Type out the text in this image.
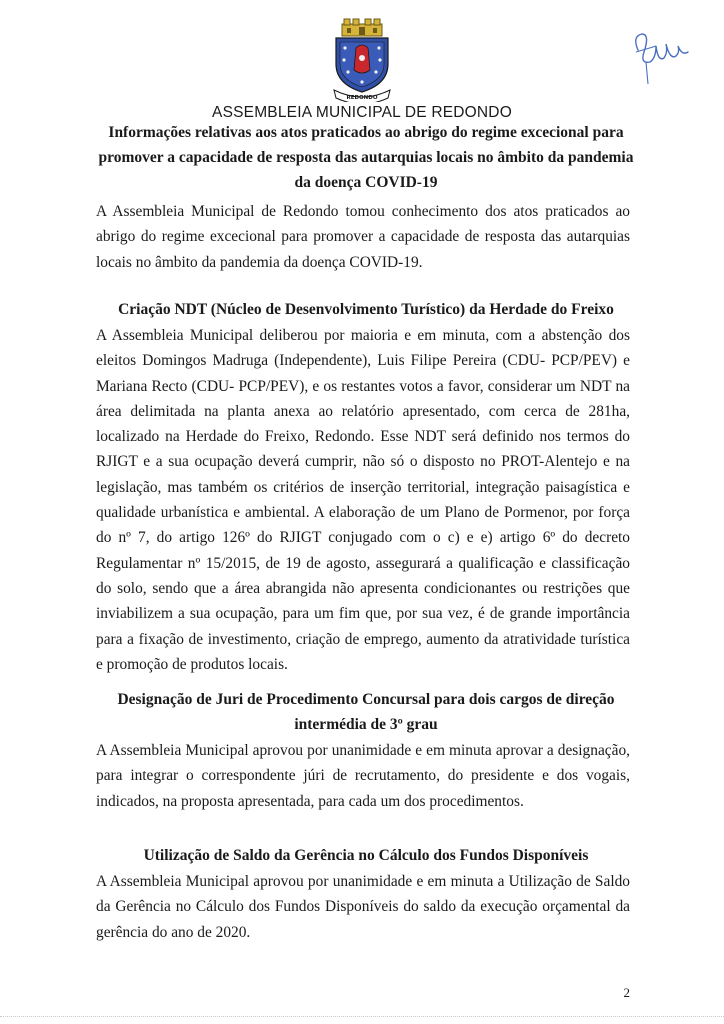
REDONDO
ASSEMBLEIA MUNICIPAL DE REDONDO
Informações relativas aos atos praticados ao abrigo do regime excecional para promover a capacidade de resposta das autarquias locais no âmbito da pandemia da doença COVID-19
A Assembleia Municipal de Redondo tomou conhecimento dos atos praticados ao abrigo do regime excecional para promover a capacidade de resposta das autarquias locais no âmbito da pandemia da doença COVID-19.
Criação NDT (Núcleo de Desenvolvimento Turístico) da Herdade do Freixo
A Assembleia Municipal deliberou por maioria e em minuta, com a abstenção dos eleitos Domingos Madruga (Independente), Luis Filipe Pereira (CDU- PCP/PEV) e Mariana Recto (CDU- PCP/PEV), e os restantes votos a favor, considerar um NDT na área delimitada na planta anexa ao relatório apresentado, com cerca de 281ha, localizado na Herdade do Freixo, Redondo. Esse NDT será definido nos termos do RJIGT e a sua ocupação deverá cumprir, não só o disposto no PROT-Alentejo e na legislação, mas também os critérios de inserção territorial, integração paisagística e qualidade urbanística e ambiental. A elaboração de um Plano de Pormenor, por força do nº 7, do artigo 126º do RJIGT conjugado com o c) e e) artigo 6º do decreto Regulamentar nº 15/2015, de 19 de agosto, assegurará a qualificação e classificação do solo, sendo que a área abrangida não apresenta condicionantes ou restrições que inviabilizem a sua ocupação, para um fim que, por sua vez, é de grande importância para a fixação de investimento, criação de emprego, aumento da atratividade turística e promoção de produtos locais.
Designação de Juri de Procedimento Concursal para dois cargos de direção intermédia de 3º grau
A Assembleia Municipal aprovou por unanimidade e em minuta aprovar a designação, para integrar o correspondente júri de recrutamento, do presidente e dos vogais, indicados, na proposta apresentada, para cada um dos procedimentos.
Utilização de Saldo da Gerência no Cálculo dos Fundos Disponíveis
A Assembleia Municipal aprovou por unanimidade e em minuta a Utilização de Saldo da Gerência no Cálculo dos Fundos Disponíveis do saldo da execução orçamental da gerência do ano de 2020.
2
